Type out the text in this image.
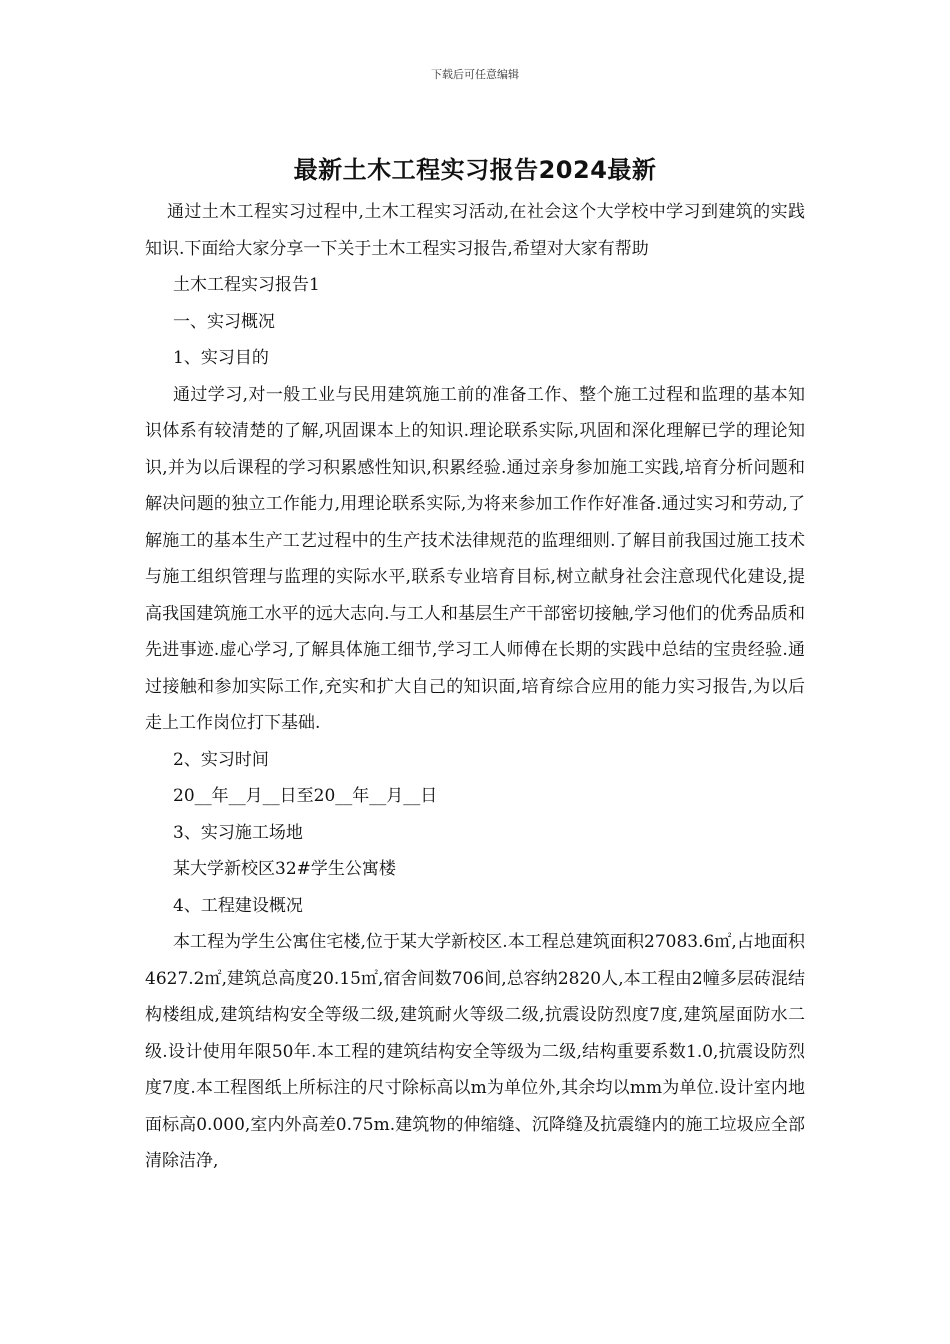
下载后可任意编辑
最新土木工程实习报告2024最新

通过土木工程实习过程中,土木工程实习活动,在社会这个大学校中学习到建筑的实践知识.下面给大家分享一下关于土木工程实习报告,希望对大家有帮助

土木工程实习报告1

一、实习概况

1、实习目的

通过学习,对一般工业与民用建筑施工前的准备工作、整个施工过程和监理的基本知识体系有较清楚的了解,巩固课本上的知识.理论联系实际,巩固和深化理解已学的理论知识,并为以后课程的学习积累感性知识,积累经验.通过亲身参加施工实践,培育分析问题和解决问题的独立工作能力,用理论联系实际,为将来参加工作作好准备.通过实习和劳动,了解施工的基本生产工艺过程中的生产技术法律规范的监理细则.了解目前我国过施工技术与施工组织管理与监理的实际水平,联系专业培育目标,树立献身社会注意现代化建设,提高我国建筑施工水平的远大志向.与工人和基层生产干部密切接触,学习他们的优秀品质和先进事迹.虚心学习,了解具体施工细节,学习工人师傅在长期的实践中总结的宝贵经验.通过接触和参加实际工作,充实和扩大自己的知识面,培育综合应用的能力实习报告,为以后走上工作岗位打下基础.

2、实习时间

20__年__月__日至20__年__月__日

3、实习施工场地

某大学新校区32#学生公寓楼

4、工程建设概况

本工程为学生公寓住宅楼,位于某大学新校区.本工程总建筑面积27083.6㎡,占地面积4627.2㎡,建筑总高度20.15㎡,宿舍间数706间,总容纳2820人,本工程由2幢多层砖混结构楼组成,建筑结构安全等级二级,建筑耐火等级二级,抗震设防烈度7度,建筑屋面防水二级.设计使用年限50年.本工程的建筑结构安全等级为二级,结构重要系数1.0,抗震设防烈度7度.本工程图纸上所标注的尺寸除标高以m为单位外,其余均以mm为单位.设计室内地面标高0.000,室内外高差0.75m.建筑物的伸缩缝、沉降缝及抗震缝内的施工垃圾应全部清除洁净,
